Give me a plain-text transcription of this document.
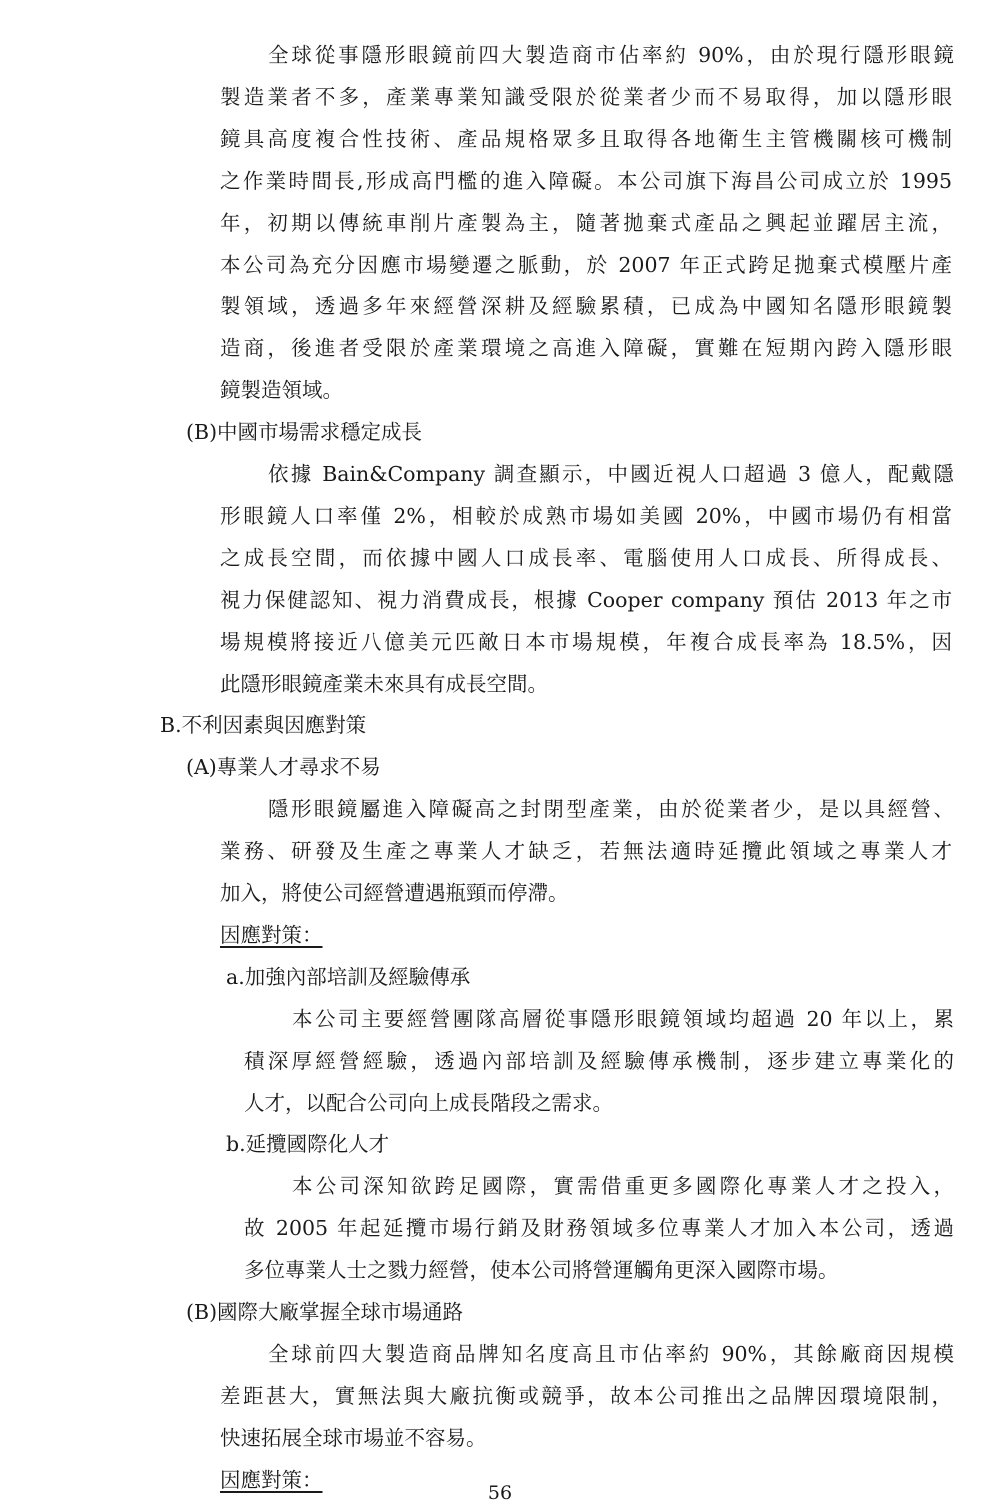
全球從事隱形眼鏡前四大製造商市佔率約 90%，由於現行隱形眼鏡
製造業者不多，產業專業知識受限於從業者少而不易取得，加以隱形眼
鏡具高度複合性技術、產品規格眾多且取得各地衛生主管機關核可機制
之作業時間長,形成高門檻的進入障礙。本公司旗下海昌公司成立於 1995
年，初期以傳統車削片產製為主，隨著拋棄式產品之興起並躍居主流，
本公司為充分因應市場變遷之脈動，於 2007 年正式跨足拋棄式模壓片產
製領域，透過多年來經營深耕及經驗累積，已成為中國知名隱形眼鏡製
造商，後進者受限於產業環境之高進入障礙，實難在短期內跨入隱形眼
鏡製造領域。
(B)中國市場需求穩定成長
依據 Bain&Company 調查顯示，中國近視人口超過 3 億人，配戴隱
形眼鏡人口率僅 2%，相較於成熟市場如美國 20%，中國市場仍有相當
之成長空間，而依據中國人口成長率、電腦使用人口成長、所得成長、
視力保健認知、視力消費成長，根據 Cooper company 預估 2013 年之市
場規模將接近八億美元匹敵日本市場規模，年複合成長率為 18.5%，因
此隱形眼鏡產業未來具有成長空間。
B.不利因素與因應對策
(A)專業人才尋求不易
隱形眼鏡屬進入障礙高之封閉型產業，由於從業者少，是以具經營、
業務、研發及生產之專業人才缺乏，若無法適時延攬此領域之專業人才
加入，將使公司經營遭遇瓶頸而停滯。
因應對策：
a.加強內部培訓及經驗傳承
本公司主要經營團隊高層從事隱形眼鏡領域均超過 20 年以上，累
積深厚經營經驗，透過內部培訓及經驗傳承機制，逐步建立專業化的
人才，以配合公司向上成長階段之需求。
b.延攬國際化人才
本公司深知欲跨足國際，實需借重更多國際化專業人才之投入，
故 2005 年起延攬市場行銷及財務領域多位專業人才加入本公司，透過
多位專業人士之戮力經營，使本公司將營運觸角更深入國際市場。
(B)國際大廠掌握全球市場通路
全球前四大製造商品牌知名度高且市佔率約 90%，其餘廠商因規模
差距甚大，實無法與大廠抗衡或競爭，故本公司推出之品牌因環境限制，
快速拓展全球市場並不容易。
因應對策：
56
